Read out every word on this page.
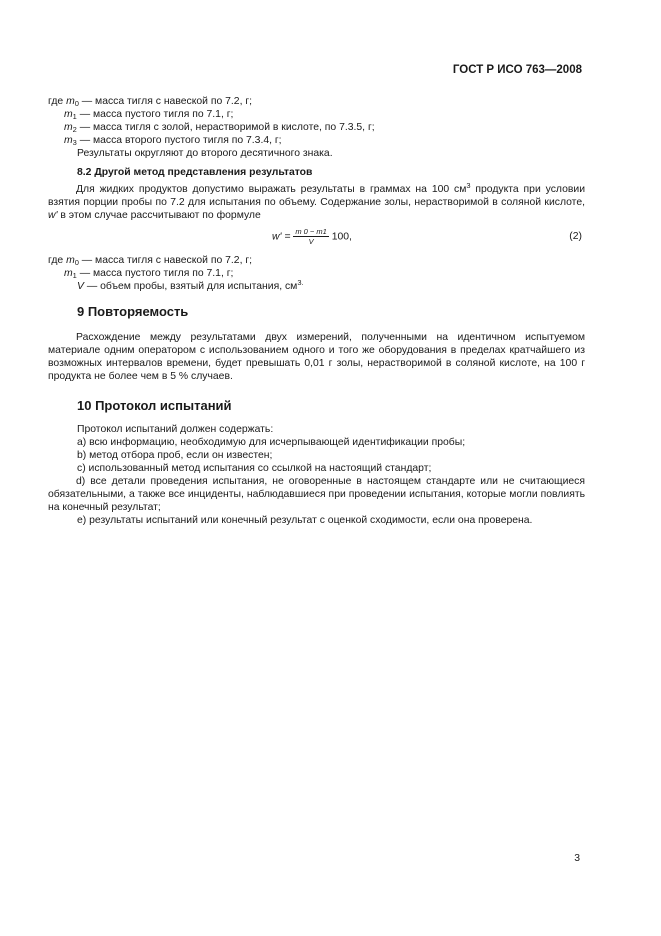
ГОСТ Р ИСО 763—2008
где $m_0$ — масса тигля с навеской по 7.2, г;
$m_1$ — масса пустого тигля по 7.1, г;
$m_2$ — масса тигля с золой, нерастворимой в кислоте, по 7.3.5, г;
$m_3$ — масса второго пустого тигля по 7.3.4, г;
Результаты округляют до второго десятичного знака.
8.2 Другой метод представления результатов
Для жидких продуктов допустимо выражать результаты в граммах на 100 $см^3$ продукта при условии взятия порции пробы по 7.2 для испытания по объему. Содержание золы, нерастворимой в соляной кислоте, w' в этом случае рассчитывают по формуле
$w' = \frac{m 0 - m1}{V} 100$,	(2)
где $m_0$ — масса тигля с навеской по 7.2, г;
$m_1$ — масса пустого тигля по 7.1, г;
V — объем пробы, взятый для испытания, $см^{3.}$
9 Повторяемость
Расхождение между результатами двух измерений, полученными на идентичном испытуемом материале одним оператором с использованием одного и того же оборудования в пределах кратчайшего из возможных интервалов времени, будет превышать 0,01 г золы, нерастворимой в соляной кислоте, на 100 г продукта не более чем в 5 % случаев.
10 Протокол испытаний
Протокол испытаний должен содержать:
а) всю информацию, необходимую для исчерпывающей идентификации пробы;
b) метод отбора проб, если он известен;
c) использованный метод испытания со ссылкой на настоящий стандарт;
d) все детали проведения испытания, не оговоренные в настоящем стандарте или не считающиеся обязательными, а также все инциденты, наблюдавшиеся при проведении испытания, которые могли повлиять на конечный результат;
е) результаты испытаний или конечный результат с оценкой сходимости, если она проверена.
3
